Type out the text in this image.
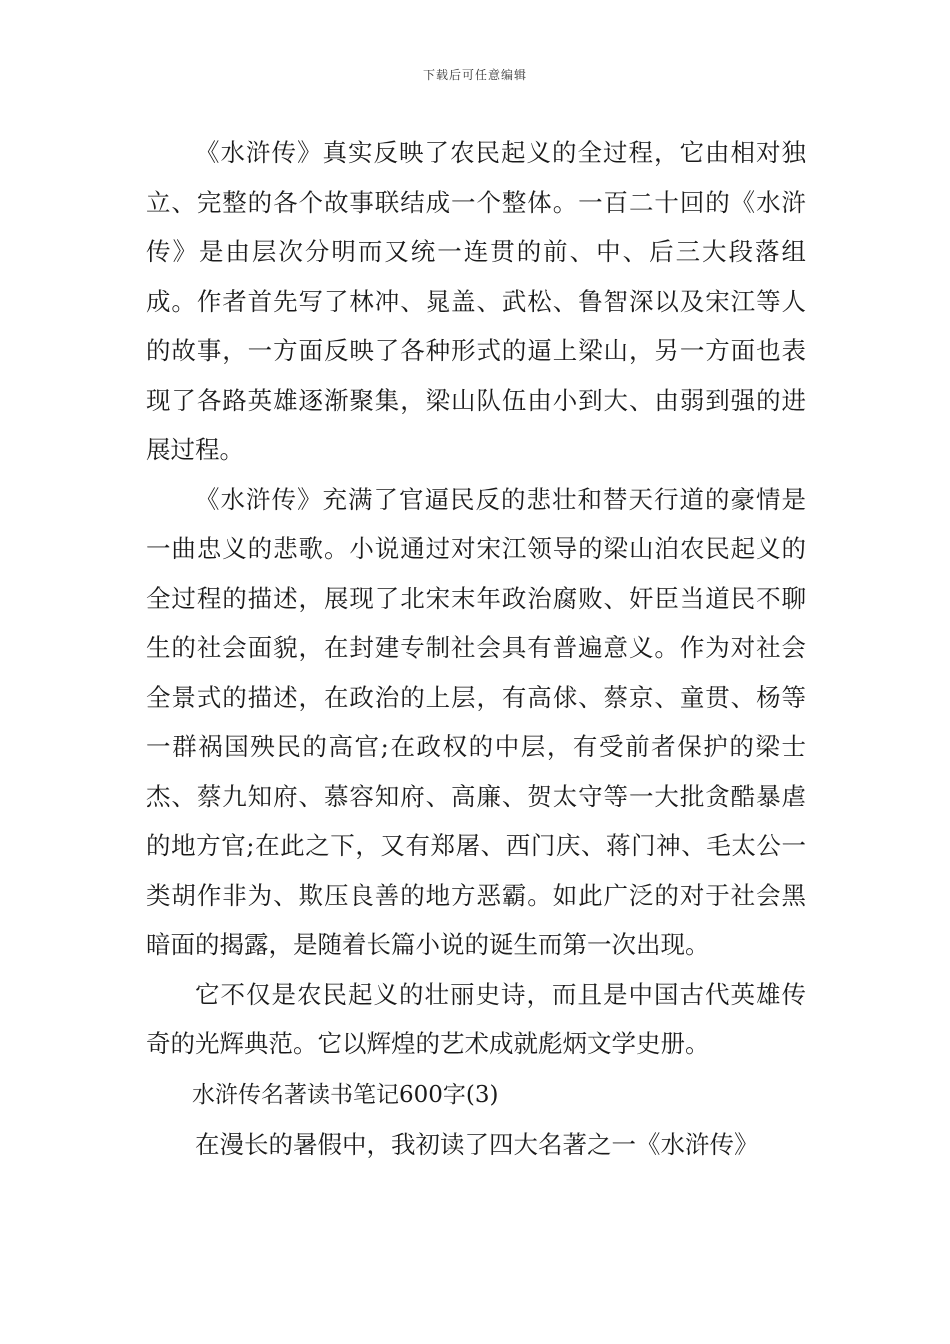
下载后可任意编辑

《水浒传》真实反映了农民起义的全过程，它由相对独立、完整的各个故事联结成一个整体。一百二十回的《水浒传》是由层次分明而又统一连贯的前、中、后三大段落组成。作者首先写了林冲、晁盖、武松、鲁智深以及宋江等人的故事，一方面反映了各种形式的逼上梁山，另一方面也表现了各路英雄逐渐聚集，梁山队伍由小到大、由弱到强的进展过程。

《水浒传》充满了官逼民反的悲壮和替天行道的豪情是一曲忠义的悲歌。小说通过对宋江领导的梁山泊农民起义的全过程的描述，展现了北宋末年政治腐败、奸臣当道民不聊生的社会面貌，在封建专制社会具有普遍意义。作为对社会全景式的描述，在政治的上层，有高俅、蔡京、童贯、杨等一群祸国殃民的高官;在政权的中层，有受前者保护的梁士杰、蔡九知府、慕容知府、高廉、贺太守等一大批贪酷暴虐的地方官;在此之下，又有郑屠、西门庆、蒋门神、毛太公一类胡作非为、欺压良善的地方恶霸。如此广泛的对于社会黑暗面的揭露，是随着长篇小说的诞生而第一次出现。

它不仅是农民起义的壮丽史诗，而且是中国古代英雄传奇的光辉典范。它以辉煌的艺术成就彪炳文学史册。

水浒传名著读书笔记600字(3)

在漫长的暑假中，我初读了四大名著之一《水浒传》
